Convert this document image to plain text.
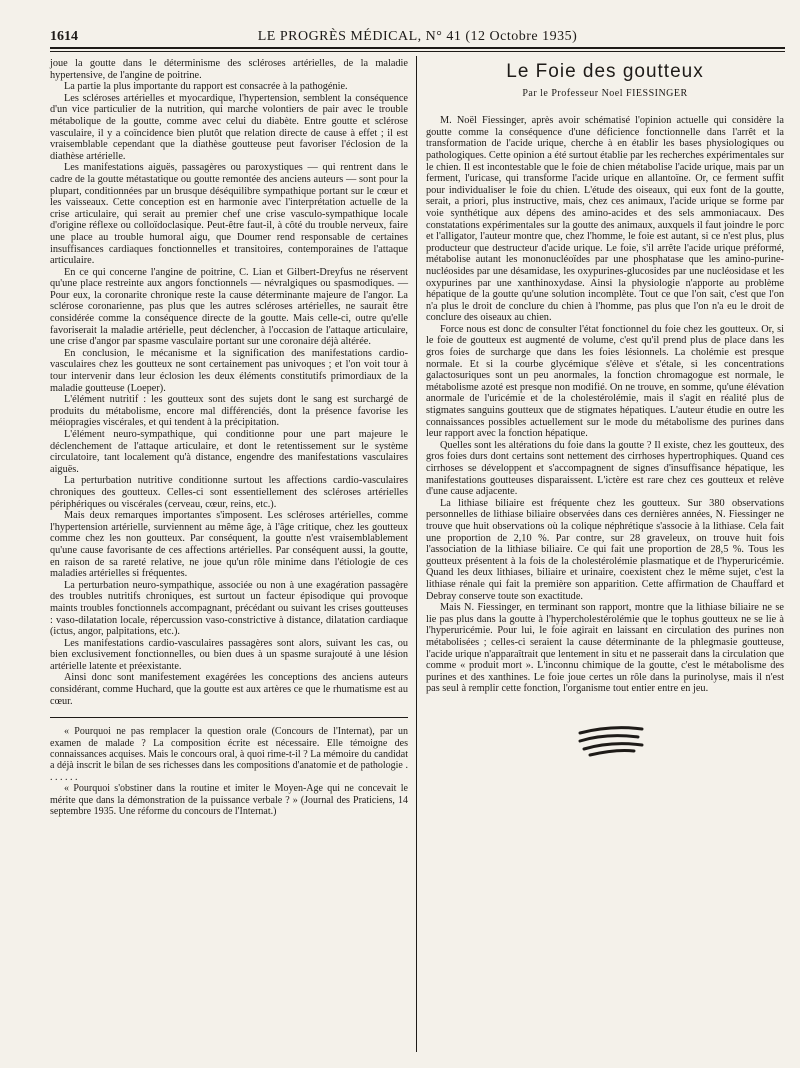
1614	LE PROGRÈS MÉDICAL, N° 41 (12 Octobre 1935)

joue la goutte dans le déterminisme des scléroses artérielles, de la maladie hypertensive, de l'angine de poitrine.

La partie la plus importante du rapport est consacrée à la pathogénie.

Les scléroses artérielles et myocardique, l'hypertension, semblent la conséquence d'un vice particulier de la nutrition, qui marche volontiers de pair avec le trouble métabolique de la goutte, comme avec celui du diabète. Entre goutte et sclérose vasculaire, il y a coïncidence bien plutôt que relation directe de cause à effet ; il est vraisemblable cependant que la diathèse goutteuse peut favoriser l'éclosion de la diathèse artérielle.

Les manifestations aiguës, passagères ou paroxystiques — qui rentrent dans le cadre de la goutte métastatique ou goutte remontée des anciens auteurs — sont pour la plupart, conditionnées par un brusque déséquilibre sympathique portant sur le cœur et les vaisseaux. Cette conception est en harmonie avec l'interprétation actuelle de la crise articulaire, qui serait au premier chef une crise vasculo-sympathique locale d'origine réflexe ou colloïdoclasique. Peut-être faut-il, à côté du trouble nerveux, faire une place au trouble humoral aigu, que Doumer rend responsable de certaines insuffisances cardiaques fonctionnelles et transitoires, contemporaines de l'attaque articulaire.

En ce qui concerne l'angine de poitrine, C. Lian et Gilbert-Dreyfus ne réservent qu'une place restreinte aux angors fonctionnels — névralgiques ou spasmodiques. — Pour eux, la coronarite chronique reste la cause déterminante majeure de l'angor. La sclérose coronarienne, pas plus que les autres scléroses artérielles, ne saurait être considérée comme la conséquence directe de la goutte. Mais celle-ci, outre qu'elle favoriserait la maladie artérielle, peut déclencher, à l'occasion de l'attaque articulaire, une crise d'angor par spasme vasculaire portant sur une coronaire déjà altérée.

En conclusion, le mécanisme et la signification des manifestations cardio-vasculaires chez les goutteux ne sont certainement pas univoques ; et l'on voit tour à tour intervenir dans leur éclosion les deux éléments constitutifs primordiaux de la maladie goutteuse (Loeper).

L'élément nutritif : les goutteux sont des sujets dont le sang est surchargé de produits du métabolisme, encore mal différenciés, dont la présence favorise les méiopragies viscérales, et qui tendent à la précipitation.

L'élément neuro-sympathique, qui conditionne pour une part majeure le déclenchement de l'attaque articulaire, et dont le retentissement sur le système circulatoire, tant localement qu'à distance, engendre des manifestations vasculaires aiguës.

La perturbation nutritive conditionne surtout les affections cardio-vasculaires chroniques des goutteux. Celles-ci sont essentiellement des scléroses artérielles périphériques ou viscérales (cerveau, cœur, reins, etc.).

Mais deux remarques importantes s'imposent. Les scléroses artérielles, comme l'hypertension artérielle, surviennent au même âge, à l'âge critique, chez les goutteux comme chez les non goutteux. Par conséquent, la goutte n'est vraisemblablement qu'une cause favorisante de ces affections artérielles. Par conséquent aussi, la goutte, en raison de sa rareté relative, ne joue qu'un rôle minime dans l'étiologie de ces maladies artérielles si fréquentes.

La perturbation neuro-sympathique, associée ou non à une exagération passagère des troubles nutritifs chroniques, est surtout un facteur épisodique qui provoque maints troubles fonctionnels accompagnant, précédant ou suivant les crises goutteuses : vaso-dilatation locale, répercussion vaso-constrictive à distance, dilatation cardiaque (ictus, angor, palpitations, etc.).

Les manifestations cardio-vasculaires passagères sont alors, suivant les cas, ou bien exclusivement fonctionnelles, ou bien dues à un spasme surajouté à une lésion artérielle latente et préexistante.

Ainsi donc sont manifestement exagérées les conceptions des anciens auteurs considérant, comme Huchard, que la goutte est aux artères ce que le rhumatisme est au cœur.

« Pourquoi ne pas remplacer la question orale (Concours de l'Internat), par un examen de malade ? La composition écrite est nécessaire. Elle témoigne des connaissances acquises. Mais le concours oral, à quoi rime-t-il ? La mémoire du candidat a déjà inscrit le bilan de ses richesses dans les compositions d'anatomie et de pathologie . . . . . . .

« Pourquoi s'obstiner dans la routine et imiter le Moyen-Age qui ne concevait le mérite que dans la démonstration de la puissance verbale ? » (Journal des Praticiens, 14 septembre 1935. Une réforme du concours de l'Internat.)

Le Foie des goutteux
Par le Professeur Noel FIESSINGER

M. Noël Fiessinger, après avoir schématisé l'opinion actuelle qui considère la goutte comme la conséquence d'une déficience fonctionnelle dans l'arrêt et la transformation de l'acide urique, cherche à en établir les bases physiologiques ou pathologiques. Cette opinion a été surtout établie par les recherches expérimentales sur le chien. Il est incontestable que le foie de chien métabolise l'acide urique, mais par un ferment, l'uricase, qui transforme l'acide urique en allantoïne. Or, ce ferment suffit pour individualiser le foie du chien. L'étude des oiseaux, qui eux font de la goutte, serait, a priori, plus instructive, mais, chez ces animaux, l'acide urique se forme par voie synthétique aux dépens des amino-acides et des sels ammoniacaux. Des constatations expérimentales sur la goutte des animaux, auxquels il faut joindre le porc et l'alligator, l'auteur montre que, chez l'homme, le foie est autant, si ce n'est plus, plus producteur que destructeur d'acide urique. Le foie, s'il arrête l'acide urique préformé, métabolise autant les mononucléoïdes par une phosphatase que les amino-purine-nucléosides par une désamidase, les oxypurines-glucosides par une nucléosidase et les oxypurines par une xanthinoxydase. Ainsi la physiologie n'apporte au problème hépatique de la goutte qu'une solution incomplète. Tout ce que l'on sait, c'est que l'on n'a plus le droit de conclure du chien à l'homme, pas plus que l'on n'a eu le droit de conclure des oiseaux au chien.

Force nous est donc de consulter l'état fonctionnel du foie chez les goutteux. Or, si le foie de goutteux est augmenté de volume, c'est qu'il prend plus de place dans les gros foies de surcharge que dans les foies lésionnels. La cholémie est presque normale. Et si la courbe glycémique s'élève et s'étale, si les concentrations galactosuriques sont un peu anormales, la fonction chromagogue est normale, le métabolisme azoté est presque non modifié. On ne trouve, en somme, qu'une élévation anormale de l'uricémie et de la cholestérolémie, mais il s'agit en réalité plus de stigmates sanguins goutteux que de stigmates hépatiques. L'auteur étudie en outre les connaissances possibles actuellement sur le mode du métabolisme des purines dans leur rapport avec la fonction hépatique.

Quelles sont les altérations du foie dans la goutte ? Il existe, chez les goutteux, des gros foies durs dont certains sont nettement des cirrhoses hypertrophiques. Quand ces cirrhoses se développent et s'accompagnent de signes d'insuffisance hépatique, les manifestations goutteuses disparaissent. L'ictère est rare chez ces goutteux et relève d'une cause adjacente.

La lithiase biliaire est fréquente chez les goutteux. Sur 380 observations personnelles de lithiase biliaire observées dans ces dernières années, N. Fiessinger ne trouve que huit observations où la colique néphrétique s'associe à la lithiase. Cela fait une proportion de 2,10 %. Par contre, sur 28 graveleux, on trouve huit fois l'association de la lithiase biliaire. Ce qui fait une proportion de 28,5 %. Tous les goutteux présentent à la fois de la cholestérolémie plasmatique et de l'hyperuricémie. Quand les deux lithiases, biliaire et urinaire, coexistent chez le même sujet, c'est la lithiase rénale qui fait la première son apparition. Cette affirmation de Chauffard et Debray conserve toute son exactitude.

Mais N. Fiessinger, en terminant son rapport, montre que la lithiase biliaire ne se lie pas plus dans la goutte à l'hypercholestérolémie que le tophus goutteux ne se lie à l'hyperuricémie. Pour lui, le foie agirait en laissant en circulation des purines non métabolisées ; celles-ci seraient la cause déterminante de la phlegmasie goutteuse, l'acide urique n'apparaîtrait que lentement in situ et ne passerait dans la circulation que comme « produit mort ». L'inconnu chimique de la goutte, c'est le métabolisme des purines et des xanthines. Le foie joue certes un rôle dans la purinolyse, mais il n'est pas seul à remplir cette fonction, l'organisme tout entier entre en jeu.
